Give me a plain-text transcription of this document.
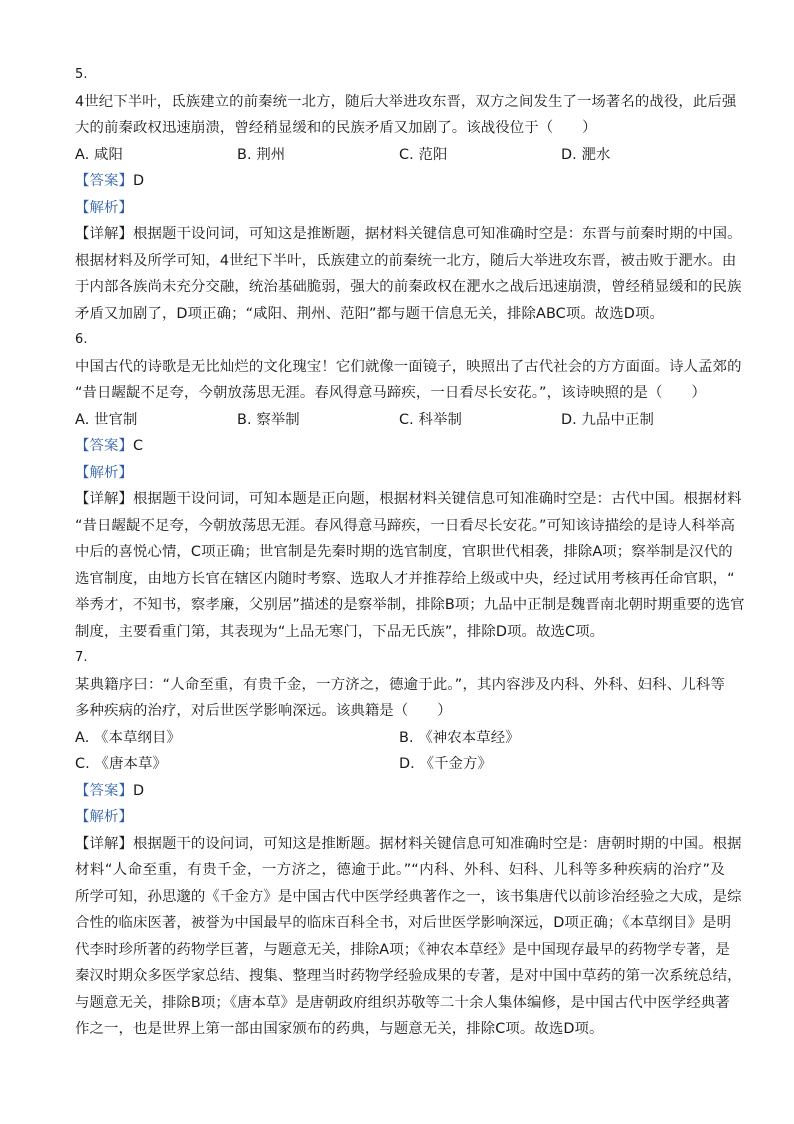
5.
4世纪下半叶，氐族建立的前秦统一北方，随后大举进攻东晋，双方之间发生了一场著名的战役，此后强
大的前秦政权迅速崩溃，曾经稍显缓和的民族矛盾又加剧了。该战役位于（　　）
A. 咸阳	B. 荆州	C. 范阳	D. 淝水
【答案】D
【解析】
【详解】根据题干设问词，可知这是推断题，据材料关键信息可知准确时空是：东晋与前秦时期的中国。
根据材料及所学可知，4世纪下半叶，氐族建立的前秦统一北方，随后大举进攻东晋，被击败于淝水。由
于内部各族尚未充分交融，统治基础脆弱，强大的前秦政权在淝水之战后迅速崩溃，曾经稍显缓和的民族
矛盾又加剧了，D项正确；“咸阳、荆州、范阳”都与题干信息无关，排除ABC项。故选D项。
6.
中国古代的诗歌是无比灿烂的文化瑰宝！它们就像一面镜子，映照出了古代社会的方方面面。诗人孟郊的
“昔日龌龊不足夸，今朝放荡思无涯。春风得意马蹄疾，一日看尽长安花。”，该诗映照的是（　　）
A. 世官制	B. 察举制	C. 科举制	D. 九品中正制
【答案】C
【解析】
【详解】根据题干设问词，可知本题是正向题，根据材料关键信息可知准确时空是：古代中国。根据材料
“昔日龌龊不足夸，今朝放荡思无涯。春风得意马蹄疾，一日看尽长安花。”可知该诗描绘的是诗人科举高
中后的喜悦心情，C项正确；世官制是先秦时期的选官制度，官职世代相袭，排除A项；察举制是汉代的
选官制度，由地方长官在辖区内随时考察、选取人才并推荐给上级或中央，经过试用考核再任命官职，“
举秀才，不知书，察孝廉，父别居”描述的是察举制，排除B项；九品中正制是魏晋南北朝时期重要的选官
制度，主要看重门第，其表现为“上品无寒门，下品无氏族”，排除D项。故选C项。
7.
某典籍序曰：“人命至重，有贵千金，一方济之，德逾于此。”，其内容涉及内科、外科、妇科、儿科等
多种疾病的治疗，对后世医学影响深远。该典籍是（　　）
A. 《本草纲目》	B. 《神农本草经》
C. 《唐本草》	D. 《千金方》
【答案】D
【解析】
【详解】根据题干的设问词，可知这是推断题。据材料关键信息可知准确时空是：唐朝时期的中国。根据
材料“人命至重，有贵千金，一方济之，德逾于此。”“内科、外科、妇科、儿科等多种疾病的治疗”及
所学可知，孙思邈的《千金方》是中国古代中医学经典著作之一，该书集唐代以前诊治经验之大成，是综
合性的临床医著，被誉为中国最早的临床百科全书，对后世医学影响深远，D项正确；《本草纲目》是明
代李时珍所著的药物学巨著，与题意无关，排除A项；《神农本草经》是中国现存最早的药物学专著，是
秦汉时期众多医学家总结、搜集、整理当时药物学经验成果的专著，是对中国中草药的第一次系统总结，
与题意无关，排除B项；《唐本草》是唐朝政府组织苏敬等二十余人集体编修，是中国古代中医学经典著
作之一，也是世界上第一部由国家颁布的药典，与题意无关，排除C项。故选D项。
